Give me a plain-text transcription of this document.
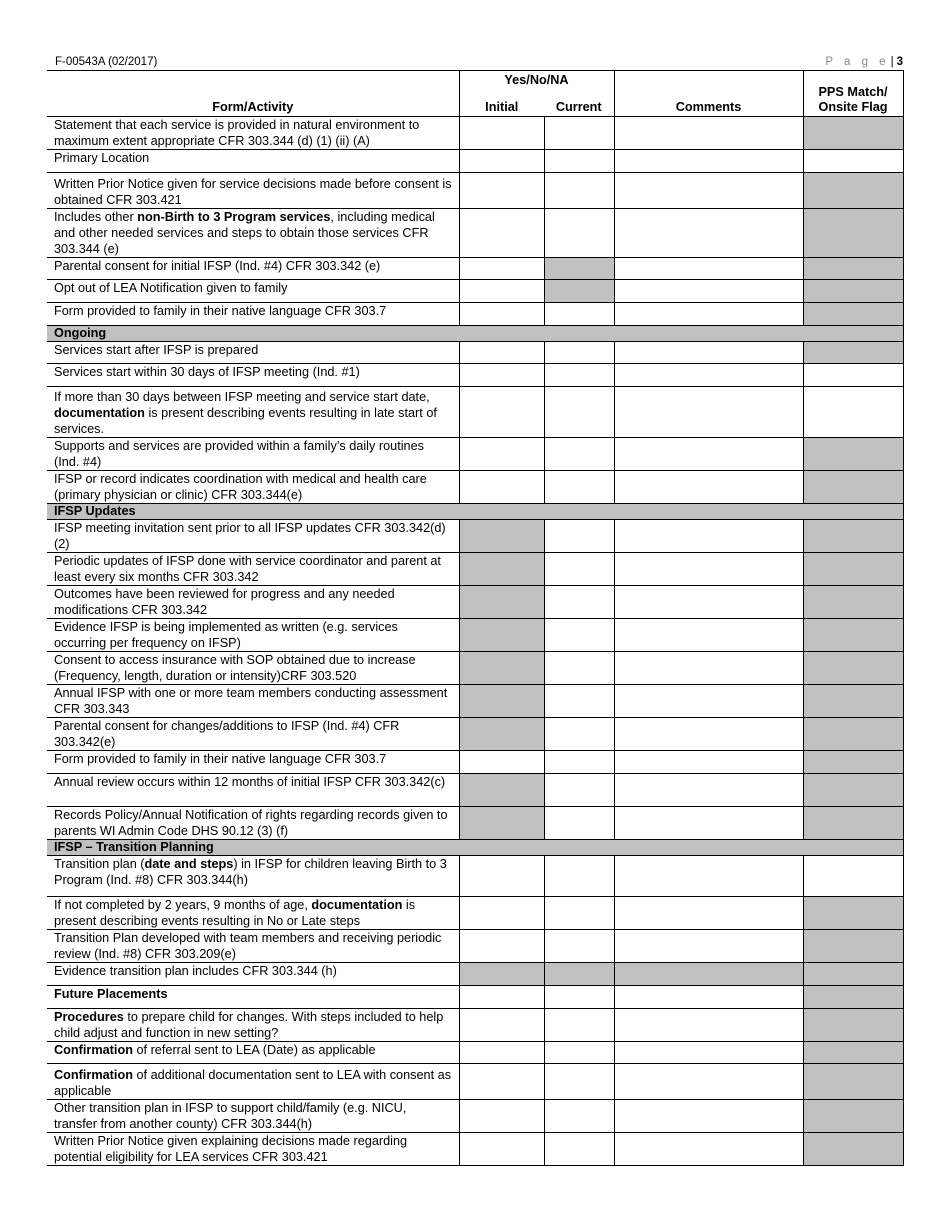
F-00543A (02/2017)	P a g e| 3
Form/Activity	Yes/No/NA		Comments	PPS Match/ Onsite Flag
	Initial	Current		
Statement that each service is provided in natural environment to maximum extent appropriate CFR 303.344 (d) (1) (ii) (A)				
Primary Location				
Written Prior Notice given for service decisions made before consent is obtained CFR 303.421				
Includes other non-Birth to 3 Program services, including medical and other needed services and steps to obtain those services CFR 303.344 (e)				
Parental consent for initial IFSP (Ind. #4) CFR 303.342 (e)				
Opt out of LEA Notification given to family				
Form provided to family in their native language CFR 303.7				
Ongoing				
Services start after IFSP is prepared				
Services start within 30 days of IFSP meeting (Ind. #1)				
If more than 30 days between IFSP meeting and service start date, documentation is present describing events resulting in late start of services.				
Supports and services are provided within a family’s daily routines (Ind. #4)				
IFSP or record indicates coordination with medical and health care (primary physician or clinic) CFR 303.344(e)				
IFSP Updates				
IFSP meeting invitation sent prior to all IFSP updates CFR 303.342(d)(2)				
Periodic updates of IFSP done with service coordinator and parent at least every six months CFR 303.342				
Outcomes have been reviewed for progress and any needed modifications CFR 303.342				
Evidence IFSP is being implemented as written (e.g. services occurring per frequency on IFSP)				
Consent to access insurance with SOP obtained due to increase (Frequency, length, duration or intensity)CRF 303.520				
Annual IFSP with one or more team members conducting assessment CFR 303.343				
Parental consent for changes/additions to IFSP (Ind. #4) CFR 303.342(e)				
Form provided to family in their native language CFR 303.7				
Annual review occurs within 12 months of initial IFSP CFR 303.342(c)				
Records Policy/Annual Notification of rights regarding records given to parents WI Admin Code DHS 90.12 (3) (f)				
IFSP – Transition Planning				
Transition plan (date and steps) in IFSP for children leaving Birth to 3 Program (Ind. #8) CFR 303.344(h)				
If not completed by 2 years, 9 months of age, documentation is present describing events resulting in No or Late steps				
Transition Plan developed with team members and receiving periodic review (Ind. #8) CFR 303.209(e)				
Evidence transition plan includes CFR 303.344 (h)				
Future Placements				
Procedures to prepare child for changes. With steps included to help child adjust and function in new setting?				
Confirmation of referral sent to LEA (Date) as applicable				
Confirmation of additional documentation sent to LEA with consent as applicable				
Other transition plan in IFSP to support child/family (e.g. NICU, transfer from another county) CFR 303.344(h)				
Written Prior Notice given explaining decisions made regarding potential eligibility for LEA services CFR 303.421				
